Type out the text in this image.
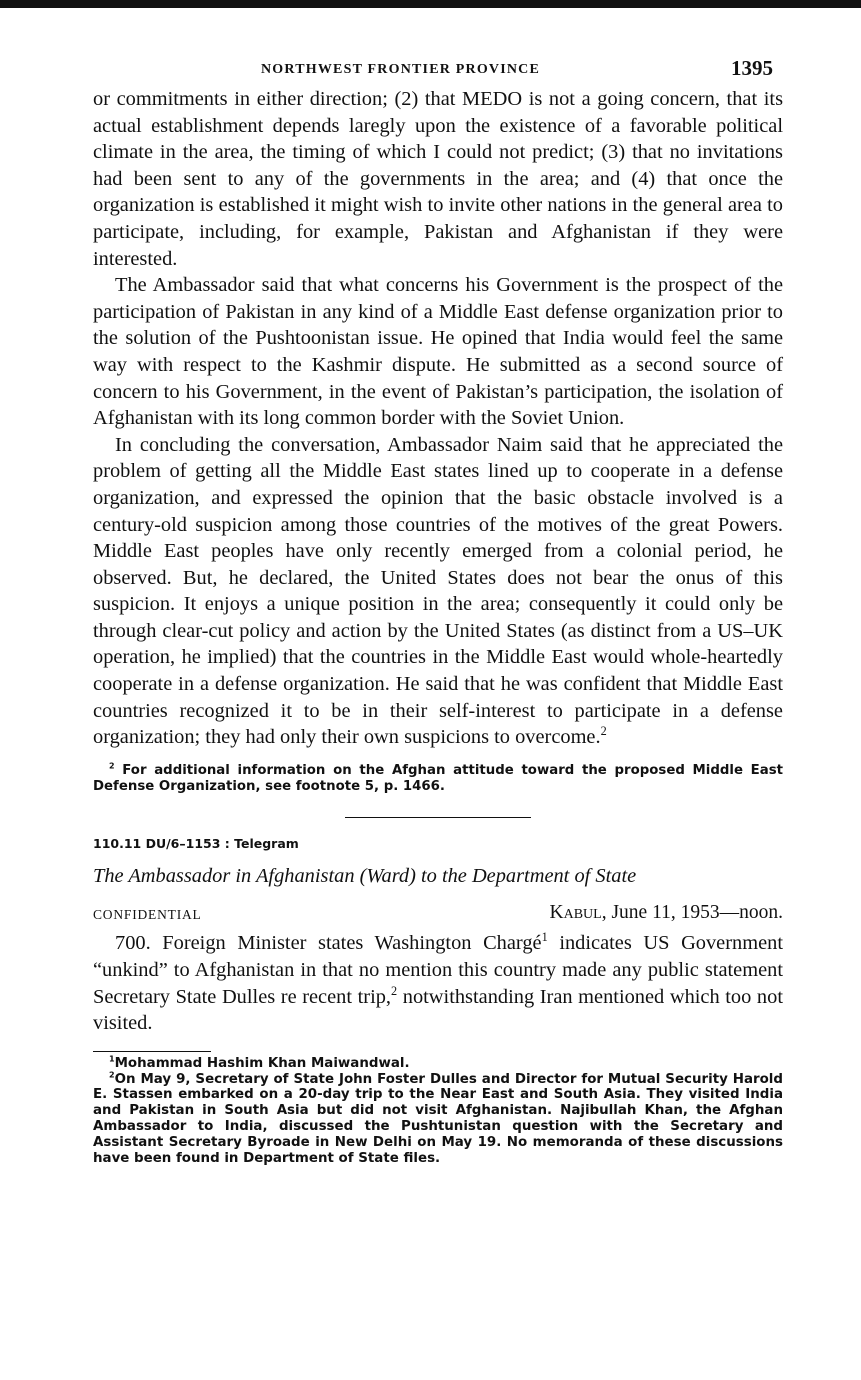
NORTHWEST FRONTIER PROVINCE	1395

or commitments in either direction; (2) that MEDO is not a going concern, that its actual establishment depends laregly upon the existence of a favorable political climate in the area, the timing of which I could not predict; (3) that no invitations had been sent to any of the governments in the area; and (4) that once the organization is established it might wish to invite other nations in the general area to participate, including, for example, Pakistan and Afghanistan if they were interested.

The Ambassador said that what concerns his Government is the prospect of the participation of Pakistan in any kind of a Middle East defense organization prior to the solution of the Pushtoonistan issue. He opined that India would feel the same way with respect to the Kashmir dispute. He submitted as a second source of concern to his Government, in the event of Pakistan’s participation, the isolation of Afghanistan with its long common border with the Soviet Union.

In concluding the conversation, Ambassador Naim said that he appreciated the problem of getting all the Middle East states lined up to cooperate in a defense organization, and expressed the opinion that the basic obstacle involved is a century-old suspicion among those countries of the motives of the great Powers. Middle East peoples have only recently emerged from a colonial period, he observed. But, he declared, the United States does not bear the onus of this suspicion. It enjoys a unique position in the area; consequently it could only be through clear-cut policy and action by the United States (as distinct from a US–UK operation, he implied) that the countries in the Middle East would whole-heartedly cooperate in a defense organization. He said that he was confident that Middle East countries recognized it to be in their self-interest to participate in a defense organization; they had only their own suspicions to overcome.$^2$

$^2$ For additional information on the Afghan attitude toward the proposed Middle East Defense Organization, see footnote 5, p. 1466.

110.11 DU/6–1153 : Telegram

The Ambassador in Afghanistan (Ward) to the Department of State

CONFIDENTIAL	Kabul, June 11, 1953—noon.

700. Foreign Minister states Washington Chargé$^1$ indicates US Government “unkind” to Afghanistan in that no mention this country made any public statement Secretary State Dulles re recent trip,$^2$ notwithstanding Iran mentioned which too not visited.

$^1$Mohammad Hashim Khan Maiwandwal.

$^2$On May 9, Secretary of State John Foster Dulles and Director for Mutual Security Harold E. Stassen embarked on a 20-day trip to the Near East and South Asia. They visited India and Pakistan in South Asia but did not visit Afghanistan. Najibullah Khan, the Afghan Ambassador to India, discussed the Pushtunistan question with the Secretary and Assistant Secretary Byroade in New Delhi on May 19. No memoranda of these discussions have been found in Department of State files.
